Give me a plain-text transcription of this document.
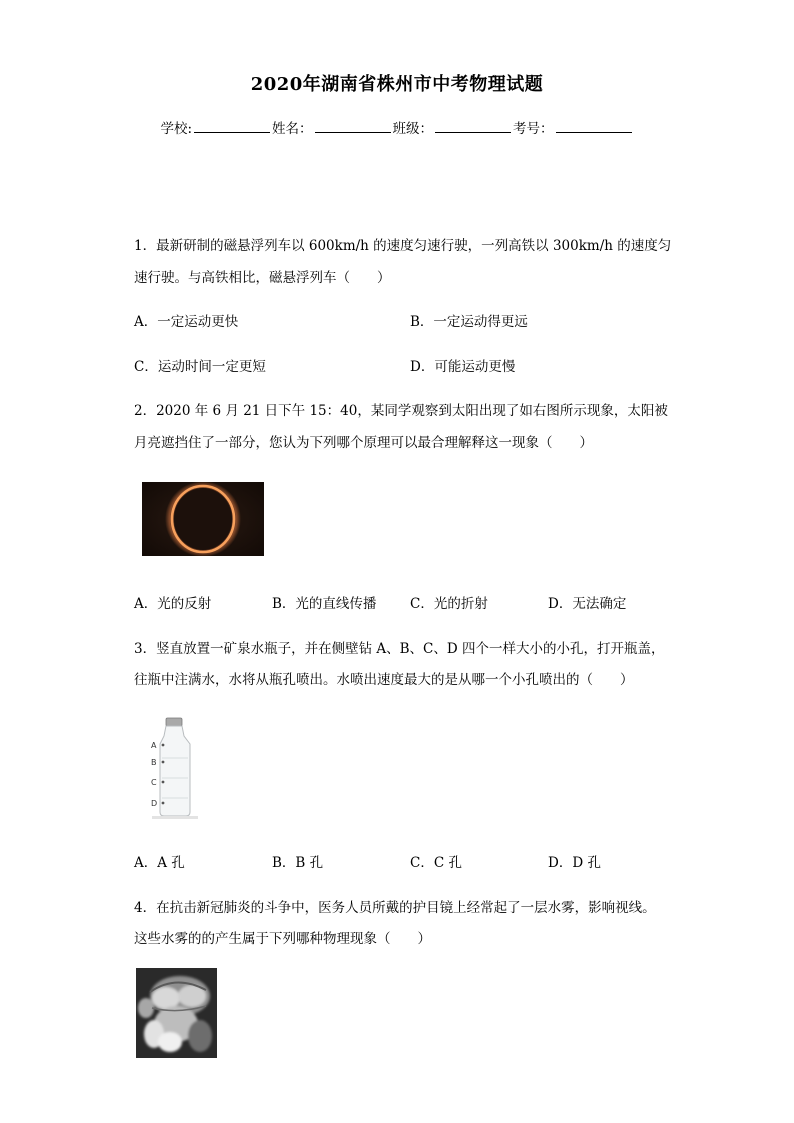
2020年湖南省株州市中考物理试题
学校:	姓名：	班级：	考号：
1．最新研制的磁悬浮列车以 600km/h 的速度匀速行驶，一列高铁以 300km/h 的速度匀
速行驶。与高铁相比，磁悬浮列车（　　）
A．一定运动更快	B．一定运动得更远
C．运动时间一定更短	D．可能运动更慢
2．2020 年 6 月 21 日下午 15：40，某同学观察到太阳出现了如右图所示现象，太阳被
月亮遮挡住了一部分，您认为下列哪个原理可以最合理解释这一现象（　　）
A．光的反射	B．光的直线传播 C．光的折射	D．无法确定
3．竖直放置一矿泉水瓶子，并在侧壁钻 A、B、C、D 四个一样大小的小孔，打开瓶盖，
往瓶中注满水，水将从瓶孔喷出。水喷出速度最大的是从哪一个小孔喷出的（　　）
A
B
C
D
A．A 孔	B．B 孔	C．C 孔	D．D 孔
4．在抗击新冠肺炎的斗争中，医务人员所戴的护目镜上经常起了一层水雾，影响视线。
这些水雾的的产生属于下列哪种物理现象（　　）
